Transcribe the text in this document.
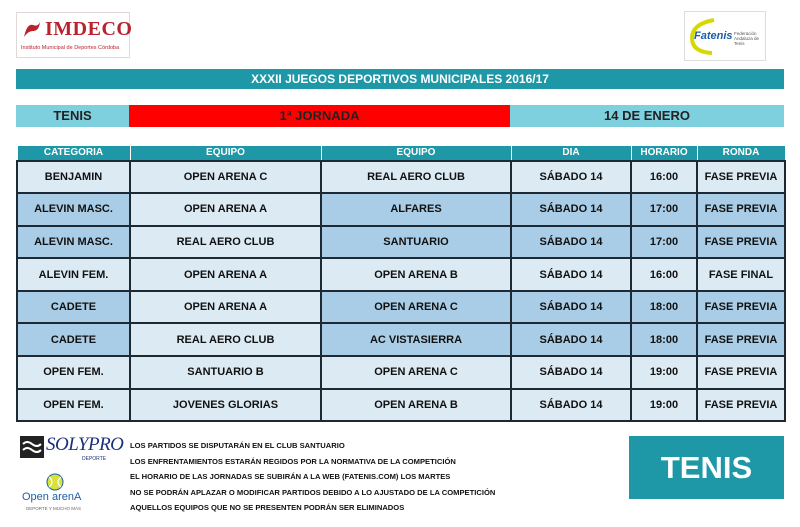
IMDECO
Instituto Municipal de Deportes Córdoba
Fatenis Federación Andaluza de Tenis
XXXII JUEGOS DEPORTIVOS MUNICIPALES 2016/17
TENIS	1ª JORNADA	14 DE ENERO
CATEGORIA	EQUIPO	EQUIPO	DIA	HORARIO	RONDA
BENJAMIN	OPEN ARENA C	REAL AERO CLUB	SÁBADO 14	16:00	FASE PREVIA
ALEVIN MASC.	OPEN ARENA A	ALFARES	SÁBADO 14	17:00	FASE PREVIA
ALEVIN MASC.	REAL AERO CLUB	SANTUARIO	SÁBADO 14	17:00	FASE PREVIA
ALEVIN FEM.	OPEN ARENA A	OPEN ARENA B	SÁBADO 14	16:00	FASE FINAL
CADETE	OPEN ARENA A	OPEN ARENA C	SÁBADO 14	18:00	FASE PREVIA
CADETE	REAL AERO CLUB	AC VISTASIERRA	SÁBADO 14	18:00	FASE PREVIA
OPEN FEM.	SANTUARIO B	OPEN ARENA C	SÁBADO 14	19:00	FASE PREVIA
OPEN FEM.	JOVENES GLORIAS	OPEN ARENA B	SÁBADO 14	19:00	FASE PREVIA
SOLYPRO
DEPORTE
Open arenA
DEPORTE Y MUCHO MÁS
LOS PARTIDOS SE DISPUTARÁN EN EL CLUB SANTUARIO
LOS ENFRENTAMIENTOS ESTARÁN REGIDOS POR LA NORMATIVA DE LA COMPETICIÓN
EL HORARIO DE LAS JORNADAS SE SUBIRÁN A LA WEB (FATENIS.COM) LOS MARTES
NO SE PODRÁN APLAZAR O MODIFICAR PARTIDOS DEBIDO A LO AJUSTADO DE LA COMPETICIÓN
AQUELLOS EQUIPOS QUE NO SE PRESENTEN PODRÁN SER ELIMINADOS
TENIS
